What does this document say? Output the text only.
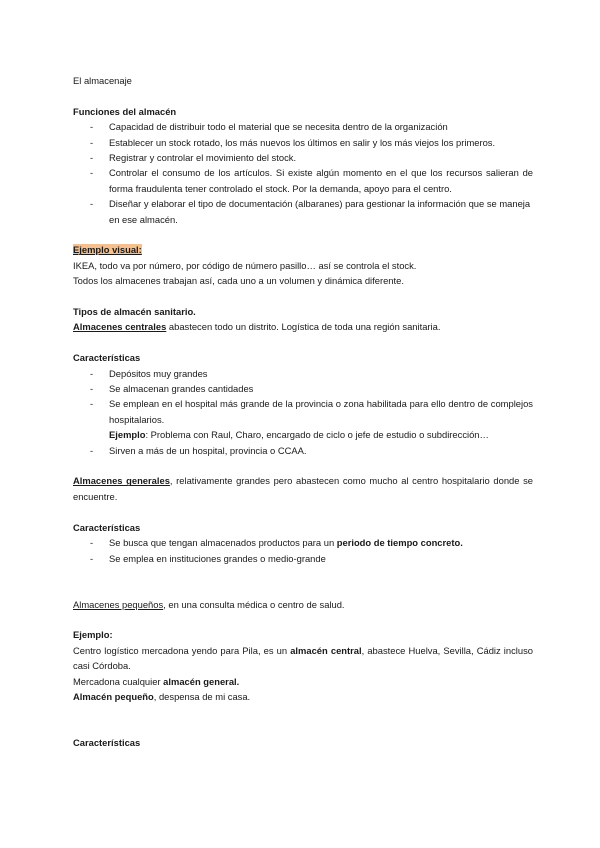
El almacenaje

Funciones del almacén

- Capacidad de distribuir todo el material que se necesita dentro de la organización
- Establecer un stock rotado, los más nuevos los últimos en salir y los más viejos los primeros.
- Registrar y controlar el movimiento del stock.
- Controlar el consumo de los artículos. Si existe algún momento en el que los recursos salieran de forma fraudulenta tener controlado el stock. Por la demanda, apoyo para el centro.
- Diseñar y elaborar el tipo de documentación (albaranes) para gestionar la información que se maneja en ese almacén.

Ejemplo visual:

IKEA, todo va por número, por código de número pasillo… así se controla el stock.

Todos los almacenes trabajan así, cada uno a un volumen y dinámica diferente.

Tipos de almacén sanitario.

Almacenes centrales abastecen todo un distrito. Logística de toda una región sanitaria.

Características

- Depósitos muy grandes
- Se almacenan grandes cantidades
- Se emplean en el hospital más grande de la provincia o zona habilitada para ello dentro de complejos hospitalarios.

Ejemplo: Problema con Raul, Charo, encargado de ciclo o jefe de estudio o subdirección…

- Sirven a más de un hospital, provincia o CCAA.

Almacenes generales, relativamente grandes pero abastecen como mucho al centro hospitalario donde se encuentre.

Características

- Se busca que tengan almacenados productos para un periodo de tiempo concreto.
- Se emplea en instituciones grandes o medio-grande

Almacenes pequeños, en una consulta médica o centro de salud.

Ejemplo:

Centro logístico mercadona yendo para Pila, es un almacén central, abastece Huelva, Sevilla, Cádiz incluso casi Córdoba.

Mercadona cualquier almacén general.

Almacén pequeño, despensa de mi casa.

Características
